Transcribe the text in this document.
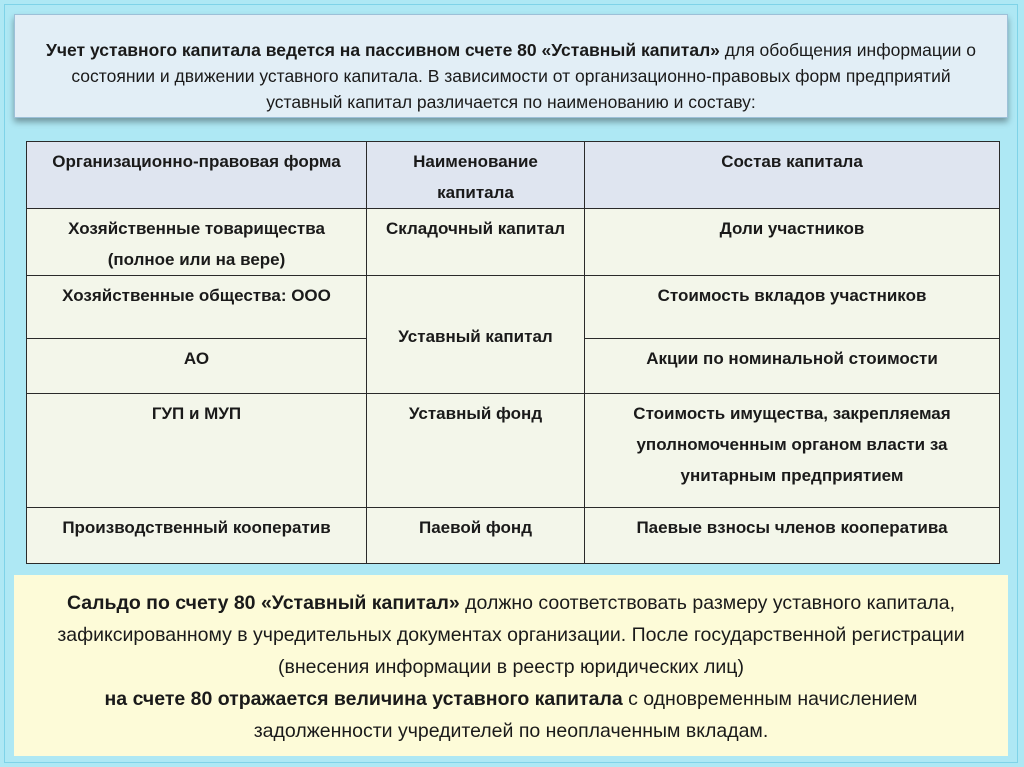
Учет уставного капитала ведется на пассивном счете 80 «Уставный капитал» для обобщения информации о состоянии и движении уставного капитала. В зависимости от организационно-правовых форм предприятий уставный капитал различается по наименованию и составу:
Организационно-правовая форма	Наименование капитала	Состав капитала
Хозяйственные товарищества (полное или на вере)	Складочный капитал	Доли участников
Хозяйственные общества: ООО	Уставный капитал	Стоимость вкладов участников
АО		Акции по номинальной стоимости
ГУП и МУП	Уставный фонд	Стоимость имущества, закрепляемая уполномоченным органом власти за унитарным предприятием
Производственный кооператив	Паевой фонд	Паевые взносы членов кооператива
Сальдо по счету 80 «Уставный капитал» должно соответствовать размеру уставного капитала, зафиксированному в учредительных документах организации. После государственной регистрации (внесения информации в реестр юридических лиц)
на счете 80 отражается величина уставного капитала с одновременным начислением задолженности учредителей по неоплаченным вкладам.
